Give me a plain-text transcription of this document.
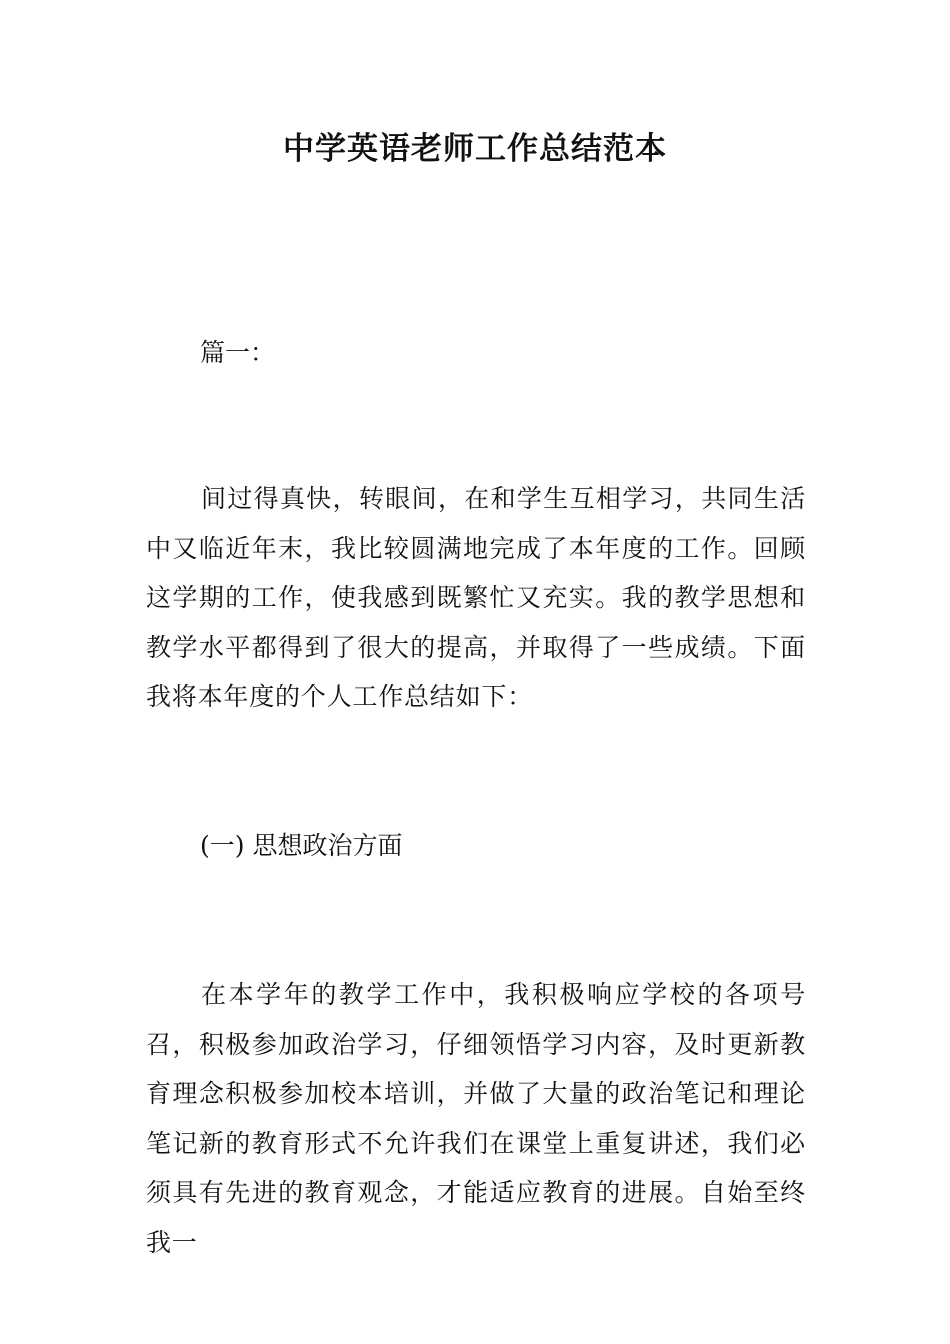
中学英语老师工作总结范本
篇一：
间过得真快，转眼间，在和学生互相学习，共同生活中又临近年末，我比较圆满地完成了本年度的工作。回顾这学期的工作，使我感到既繁忙又充实。我的教学思想和教学水平都得到了很大的提高，并取得了一些成绩。下面我将本年度的个人工作总结如下：
(一) 思想政治方面
在本学年的教学工作中，我积极响应学校的各项号召，积极参加政治学习，仔细领悟学习内容，及时更新教育理念积极参加校本培训，并做了大量的政治笔记和理论笔记新的教育形式不允许我们在课堂上重复讲述，我们必须具有先进的教育观念，才能适应教育的进展。自始至终我一
